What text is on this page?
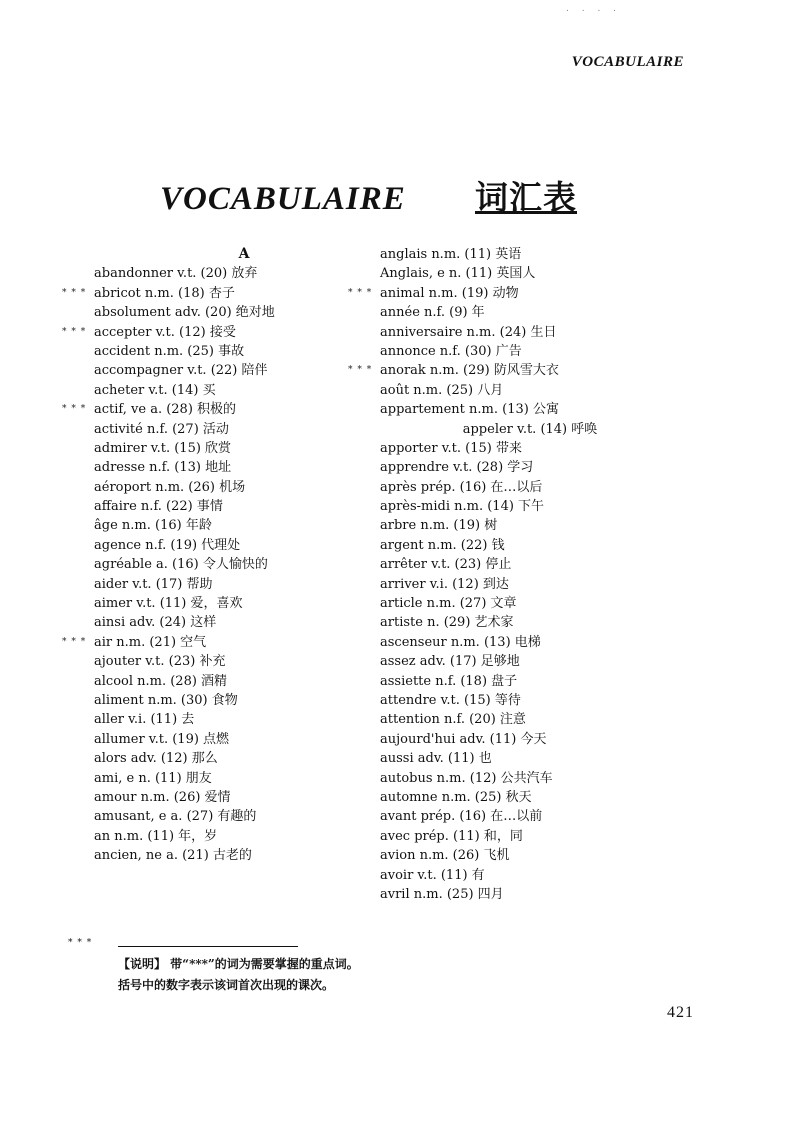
. . . .
VOCABULAIRE
VOCABULAIRE 词汇表
A
abandonner v.t. (20) 放弃
* * * abricot n.m. (18) 杏子
absolument adv. (20) 绝对地
* * * accepter v.t. (12) 接受
accident n.m. (25) 事故
accompagner v.t. (22) 陪伴
acheter v.t. (14) 买
* * * actif, ve a. (28) 积极的
activité n.f. (27) 活动
admirer v.t. (15) 欣赏
adresse n.f. (13) 地址
aéroport n.m. (26) 机场
affaire n.f. (22) 事情
âge n.m. (16) 年龄
agence n.f. (19) 代理处
agréable a. (16) 令人愉快的
aider v.t. (17) 帮助
aimer v.t. (11) 爱，喜欢
ainsi adv. (24) 这样
* * * air n.m. (21) 空气
ajouter v.t. (23) 补充
alcool n.m. (28) 酒精
aliment n.m. (30) 食物
aller v.i. (11) 去
allumer v.t. (19) 点燃
alors adv. (12) 那么
ami, e n. (11) 朋友
amour n.m. (26) 爱情
amusant, e a. (27) 有趣的
an n.m. (11) 年，岁
ancien, ne a. (21) 古老的
anglais n.m. (11) 英语
Anglais, e n. (11) 英国人
* * * animal n.m. (19) 动物
année n.f. (9) 年
anniversaire n.m. (24) 生日
annonce n.f. (30) 广告
* * * anorak n.m. (29) 防风雪大衣
août n.m. (25) 八月
appartement n.m. (13) 公寓
appeler v.t. (14) 呼唤
apporter v.t. (15) 带来
apprendre v.t. (28) 学习
après prép. (16) 在…以后
après-midi n.m. (14) 下午
arbre n.m. (19) 树
argent n.m. (22) 钱
arrêter v.t. (23) 停止
arriver v.i. (12) 到达
article n.m. (27) 文章
artiste n. (29) 艺术家
ascenseur n.m. (13) 电梯
assez adv. (17) 足够地
assiette n.f. (18) 盘子
attendre v.t. (15) 等待
attention n.f. (20) 注意
aujourd'hui adv. (11) 今天
aussi adv. (11) 也
autobus n.m. (12) 公共汽车
automne n.m. (25) 秋天
avant prép. (16) 在…以前
avec prép. (11) 和，同
avion n.m. (26) 飞机
avoir v.t. (11) 有
avril n.m. (25) 四月
* * *
【说明】 带“***”的词为需要掌握的重点词。
括号中的数字表示该词首次出现的课次。
421
